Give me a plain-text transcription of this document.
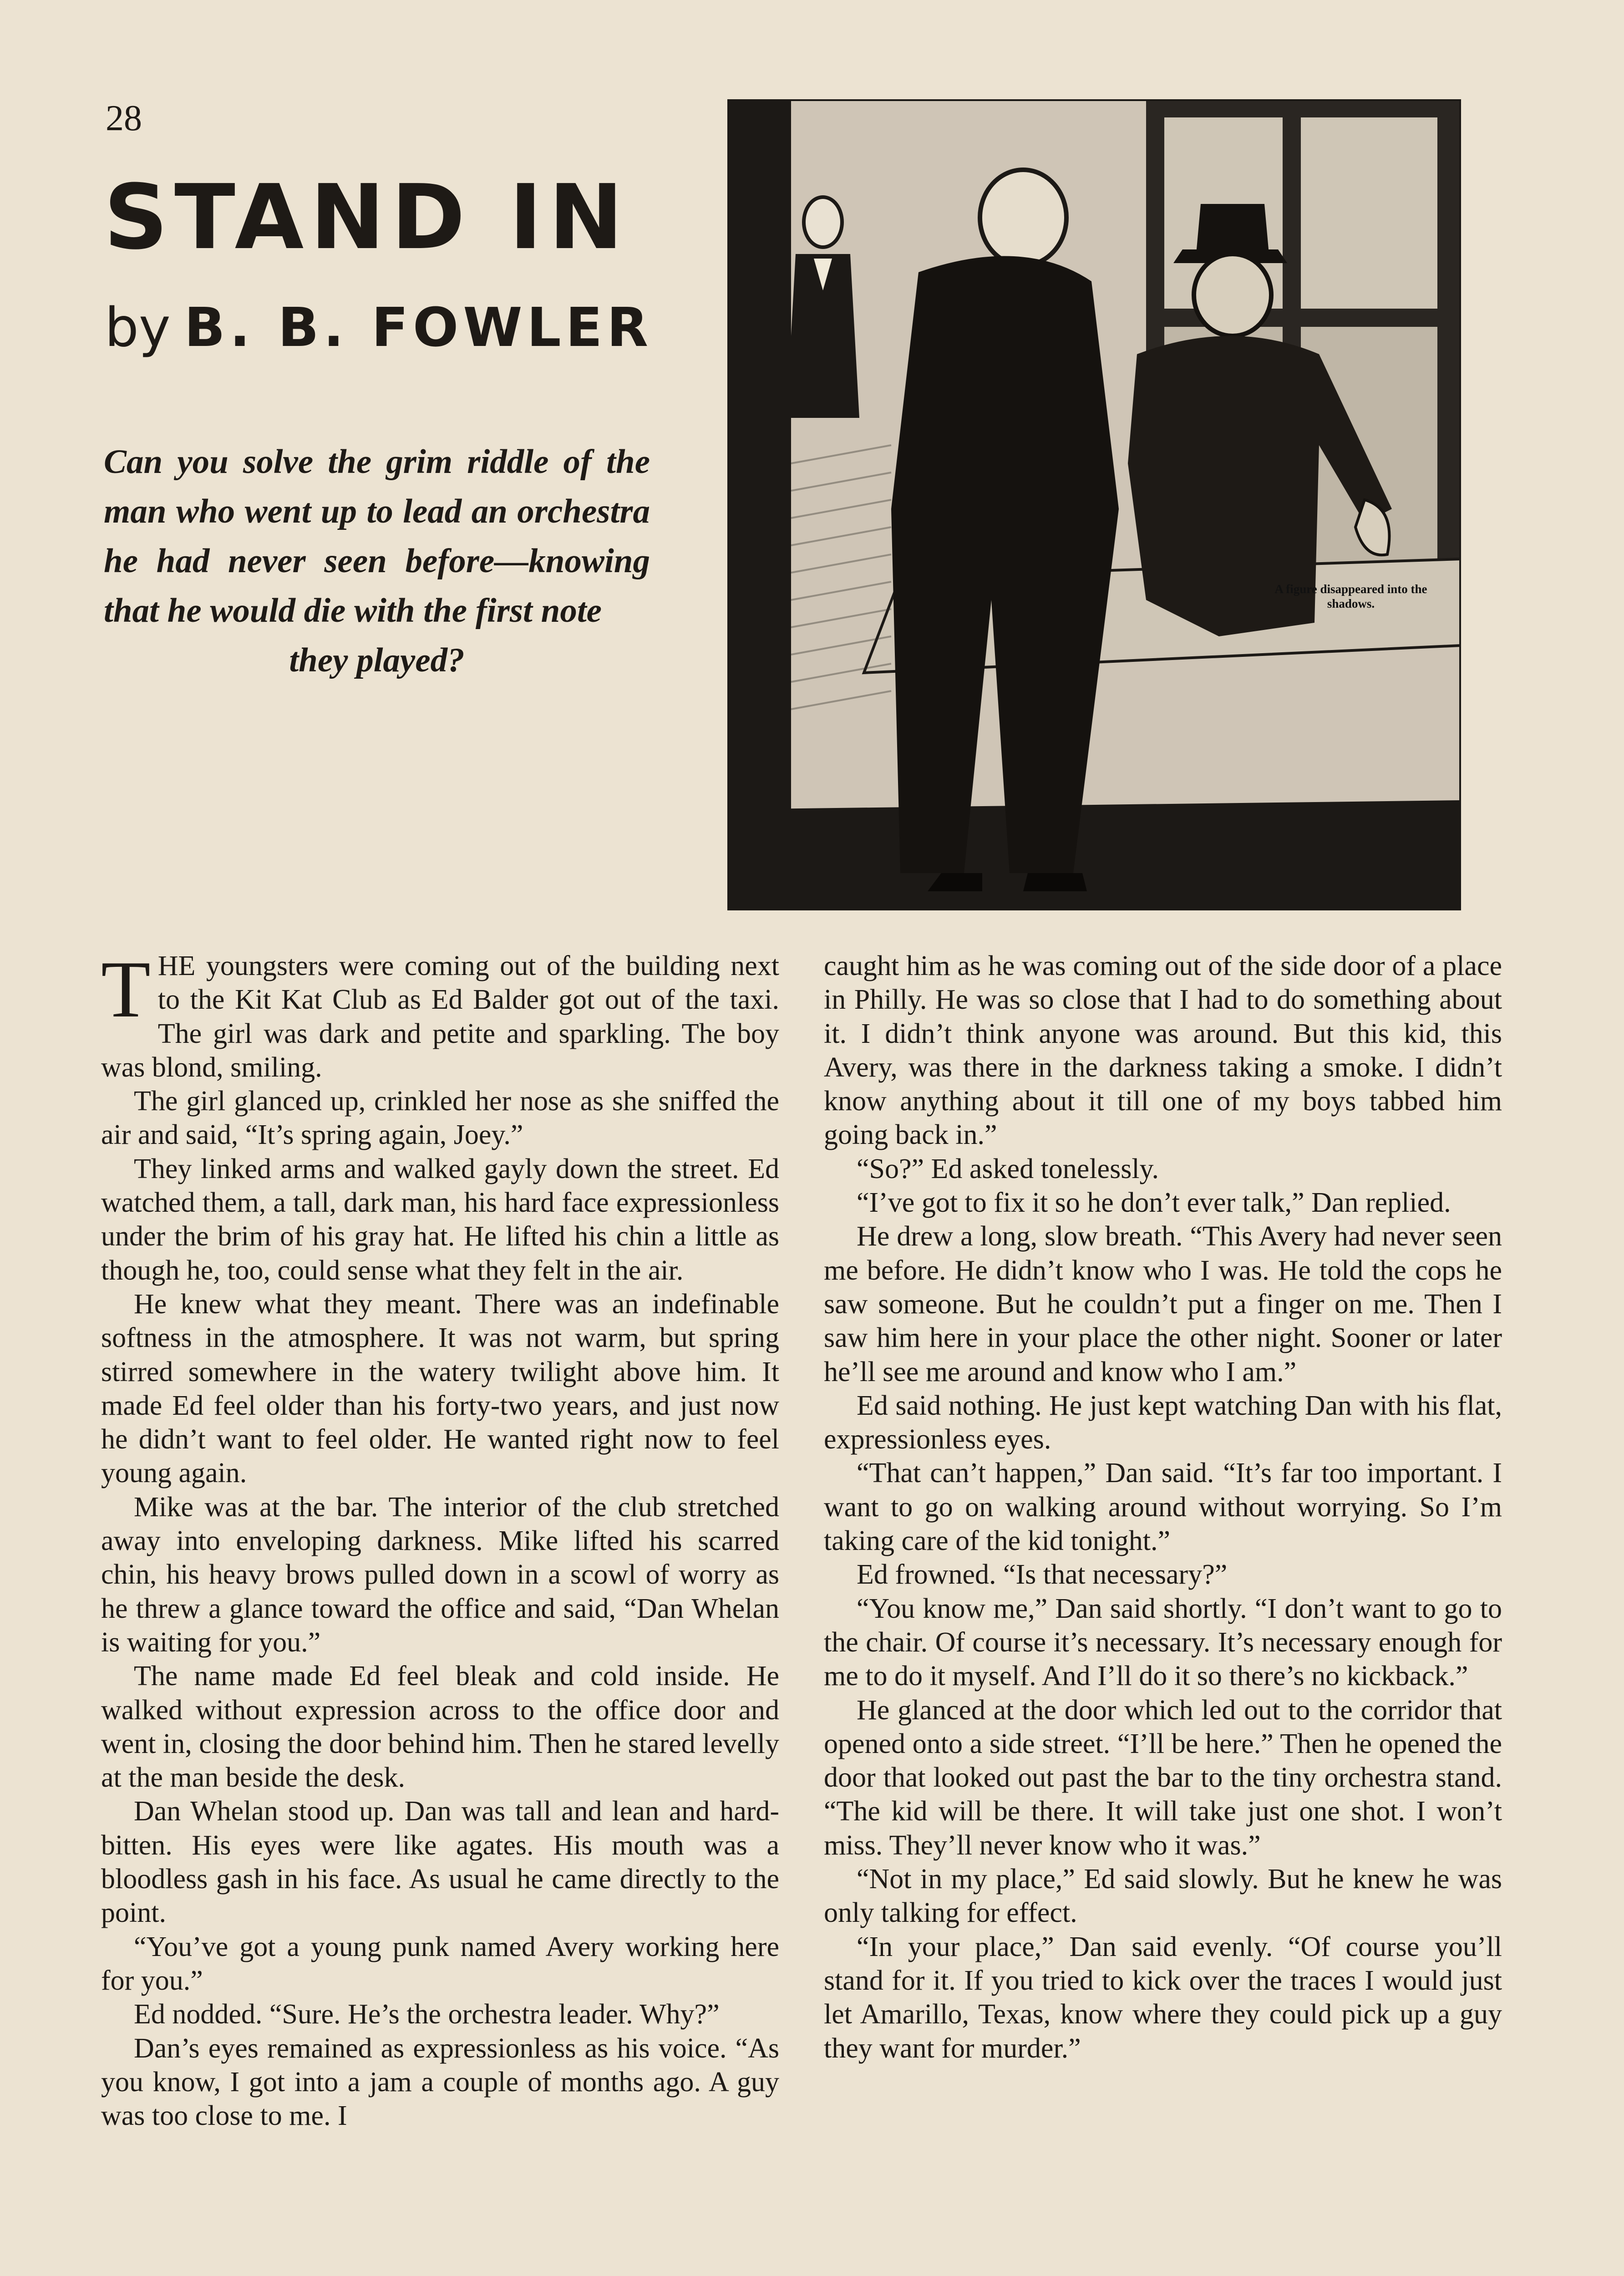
28
STAND IN
by B. B. FOWLER
Can you solve the grim riddle of the man who went up to lead an orchestra he had never seen before—knowing that he would die with the first note
they played?
A figure disappeared into the shadows.

THE youngsters were coming out of the building next to the Kit Kat Club as Ed Balder got out of the taxi. The girl was dark and petite and sparkling. The boy was blond, smiling.

The girl glanced up, crinkled her nose as she sniffed the air and said, “It’s spring again, Joey.”

They linked arms and walked gayly down the street. Ed watched them, a tall, dark man, his hard face expressionless under the brim of his gray hat. He lifted his chin a little as though he, too, could sense what they felt in the air.

He knew what they meant. There was an indefinable softness in the atmosphere. It was not warm, but spring stirred somewhere in the watery twilight above him. It made Ed feel older than his forty-two years, and just now he didn’t want to feel older. He wanted right now to feel young again.

Mike was at the bar. The interior of the club stretched away into enveloping darkness. Mike lifted his scarred chin, his heavy brows pulled down in a scowl of worry as he threw a glance toward the office and said, “Dan Whelan is waiting for you.”

The name made Ed feel bleak and cold inside. He walked without expression across to the office door and went in, closing the door behind him. Then he stared levelly at the man beside the desk.

Dan Whelan stood up. Dan was tall and lean and hard-bitten. His eyes were like agates. His mouth was a bloodless gash in his face. As usual he came directly to the point.

“You’ve got a young punk named Avery working here for you.”

Ed nodded. “Sure. He’s the orchestra leader. Why?”

Dan’s eyes remained as expressionless as his voice. “As you know, I got into a jam a couple of months ago. A guy was too close to me. I

caught him as he was coming out of the side door of a place in Philly. He was so close that I had to do something about it. I didn’t think anyone was around. But this kid, this Avery, was there in the darkness taking a smoke. I didn’t know anything about it till one of my boys tabbed him going back in.”

“So?” Ed asked tonelessly.

“I’ve got to fix it so he don’t ever talk,” Dan replied.

He drew a long, slow breath. “This Avery had never seen me before. He didn’t know who I was. He told the cops he saw someone. But he couldn’t put a finger on me. Then I saw him here in your place the other night. Sooner or later he’ll see me around and know who I am.”

Ed said nothing. He just kept watching Dan with his flat, expressionless eyes.

“That can’t happen,” Dan said. “It’s far too important. I want to go on walking around without worrying. So I’m taking care of the kid tonight.”

Ed frowned. “Is that necessary?”

“You know me,” Dan said shortly. “I don’t want to go to the chair. Of course it’s necessary. It’s necessary enough for me to do it myself. And I’ll do it so there’s no kickback.”

He glanced at the door which led out to the corridor that opened onto a side street. “I’ll be here.” Then he opened the door that looked out past the bar to the tiny orchestra stand. “The kid will be there. It will take just one shot. I won’t miss. They’ll never know who it was.”

“Not in my place,” Ed said slowly. But he knew he was only talking for effect.

“In your place,” Dan said evenly. “Of course you’ll stand for it. If you tried to kick over the traces I would just let Amarillo, Texas, know where they could pick up a guy they want for murder.”
